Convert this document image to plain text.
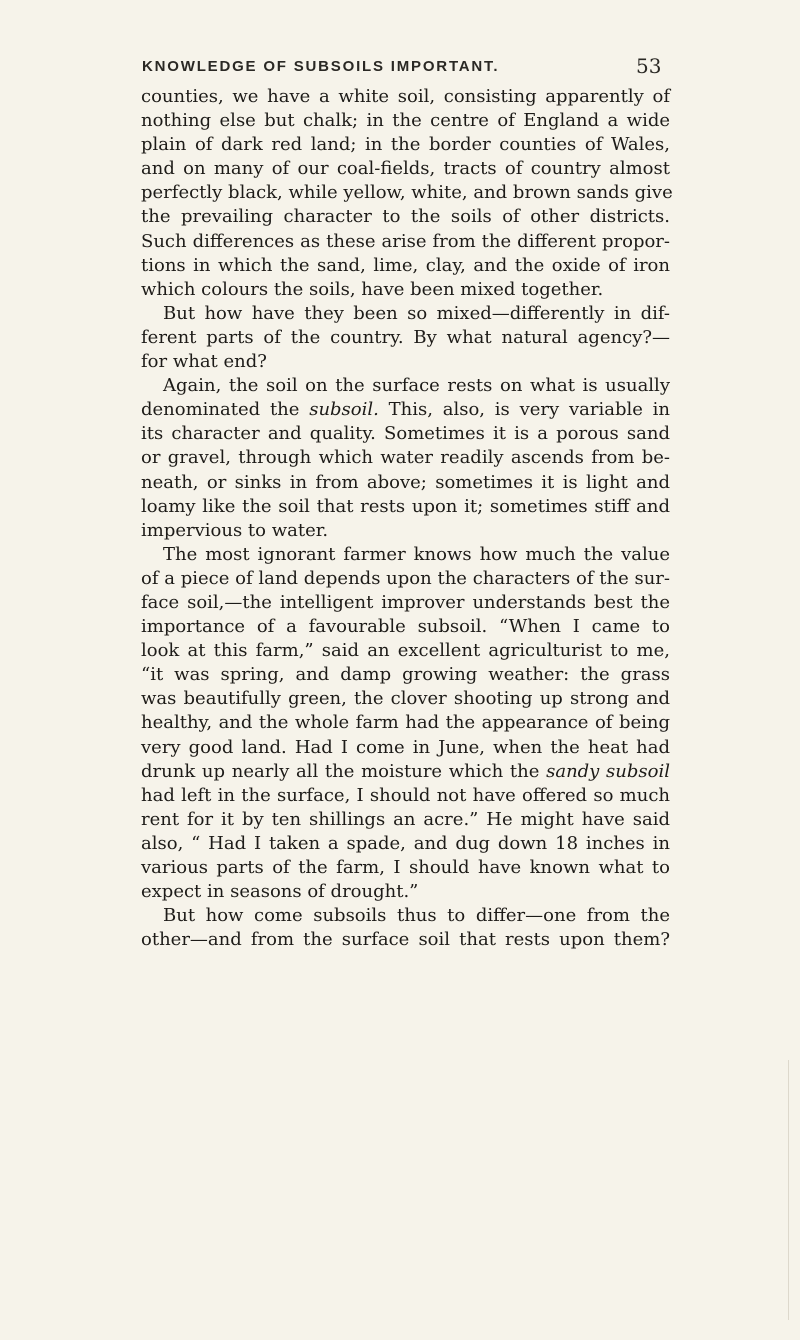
KNOWLEDGE OF SUBSOILS IMPORTANT.	53
counties, we have a white soil, consisting apparently of
nothing else but chalk; in the centre of England a wide
plain of dark red land; in the border counties of Wales,
and on many of our coal-fields, tracts of country almost
perfectly black, while yellow, white, and brown sands give
the prevailing character to the soils of other districts.
Such differences as these arise from the different propor-
tions in which the sand, lime, clay, and the oxide of iron
which colours the soils, have been mixed together.
But how have they been so mixed—differently in dif-
ferent parts of the country. By what natural agency?—
for what end?
Again, the soil on the surface rests on what is usually
denominated the subsoil. This, also, is very variable in
its character and quality. Sometimes it is a porous sand
or gravel, through which water readily ascends from be-
neath, or sinks in from above; sometimes it is light and
loamy like the soil that rests upon it; sometimes stiff and
impervious to water.
The most ignorant farmer knows how much the value
of a piece of land depends upon the characters of the sur-
face soil,—the intelligent improver understands best the
importance of a favourable subsoil. “When I came to
look at this farm,” said an excellent agriculturist to me,
“it was spring, and damp growing weather: the grass
was beautifully green, the clover shooting up strong and
healthy, and the whole farm had the appearance of being
very good land. Had I come in June, when the heat had
drunk up nearly all the moisture which the sandy subsoil
had left in the surface, I should not have offered so much
rent for it by ten shillings an acre.” He might have said
also, “ Had I taken a spade, and dug down 18 inches in
various parts of the farm, I should have known what to
expect in seasons of drought.”
But how come subsoils thus to differ—one from the
other—and from the surface soil that rests upon them?
